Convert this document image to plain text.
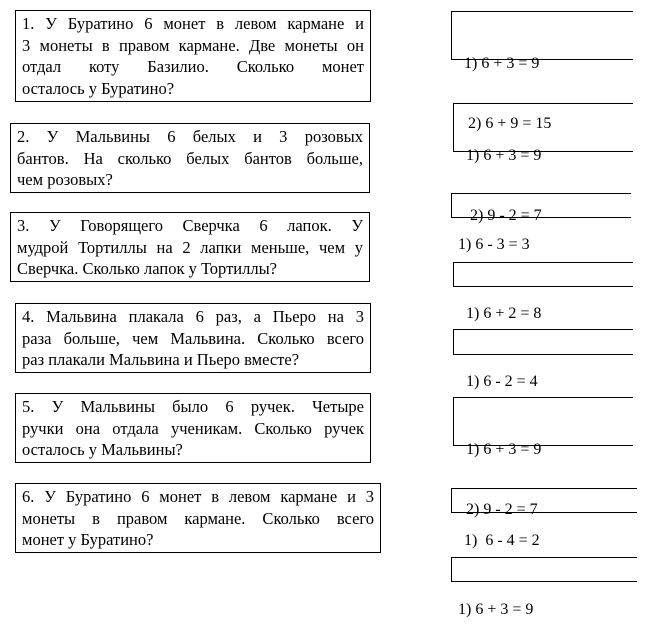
1. У Буратино 6 монет в левом кармане и
3 монеты в правом кармане. Две монеты он
отдал коту Базилио. Сколько монет
осталось у Буратино?
2. У Мальвины 6 белых и 3 розовых
бантов. На сколько белых бантов больше,
чем розовых?
3. У Говорящего Сверчка 6 лапок. У
мудрой Тортиллы на 2 лапки меньше, чем у
Сверчка. Сколько лапок у Тортиллы?
4. Мальвина плакала 6 раз, а Пьеро на 3
раза больше, чем Мальвина. Сколько всего
раз плакали Мальвина и Пьеро вместе?
5. У Мальвины было 6 ручек. Четыре
ручки она отдала ученикам. Сколько ручек
осталось у Мальвины?
6. У Буратино 6 монет в левом кармане и 3
монеты в правом кармане. Сколько всего
монет у Буратино?

1) 6 + 3 = 9

2) 6 + 9 = 15

1) 6 + 3 = 9

2) 9 - 2 = 7

1) 6 - 3 = 3

1) 6 + 2 = 8

1) 6 - 2 = 4

1) 6 + 3 = 9

2) 9 - 2 = 7

1)  6 - 4 = 2

1) 6 + 3 = 9
